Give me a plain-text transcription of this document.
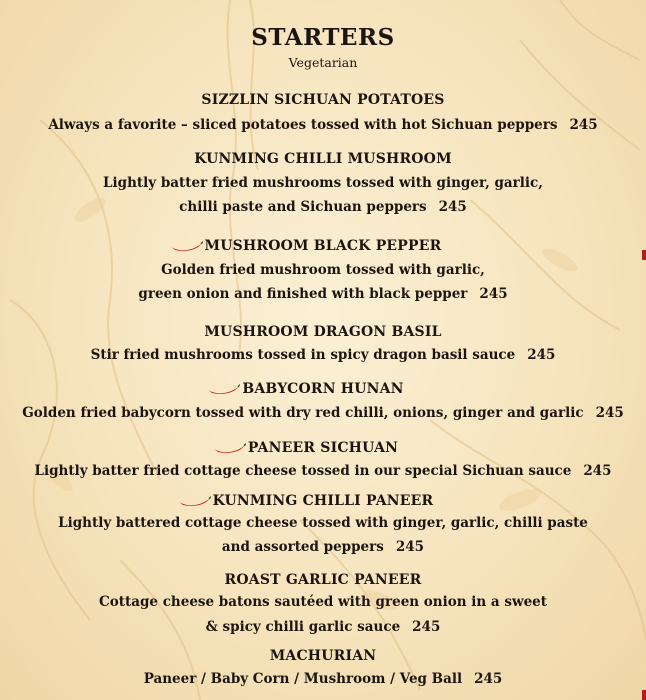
STARTERS
Vegetarian
SIZZLIN SICHUAN POTATOES
Always a favorite – sliced potatoes tossed with hot Sichuan peppers 245
KUNMING CHILLI MUSHROOM
Lightly batter fried mushrooms tossed with ginger, garlic,
chilli paste and Sichuan peppers 245
MUSHROOM BLACK PEPPER
Golden fried mushroom tossed with garlic,
green onion and finished with black pepper 245
MUSHROOM DRAGON BASIL
Stir fried mushrooms tossed in spicy dragon basil sauce 245
BABYCORN HUNAN
Golden fried babycorn tossed with dry red chilli, onions, ginger and garlic 245
PANEER SICHUAN
Lightly batter fried cottage cheese tossed in our special Sichuan sauce 245
KUNMING CHILLI PANEER
Lightly battered cottage cheese tossed with ginger, garlic, chilli paste
and assorted peppers 245
ROAST GARLIC PANEER
Cottage cheese batons sautéed with green onion in a sweet
& spicy chilli garlic sauce 245
MACHURIAN
Paneer / Baby Corn / Mushroom / Veg Ball 245
